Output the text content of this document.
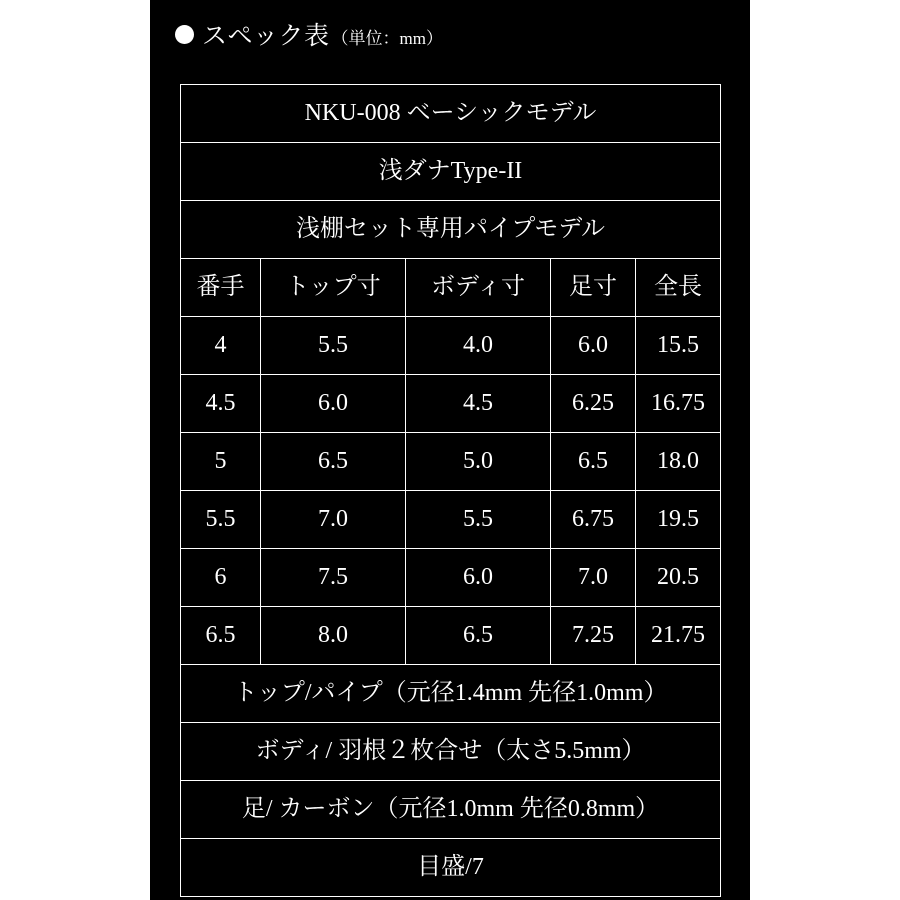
スペック表 （単位：mm）
NKU-008 ベーシックモデル				
浅ダナType-II				
浅棚セット専用パイプモデル				
番手	トップ寸	ボディ寸	足寸	全長
4	5.5	4.0	6.0	15.5
4.5	6.0	4.5	6.25	16.75
5	6.5	5.0	6.5	18.0
5.5	7.0	5.5	6.75	19.5
6	7.5	6.0	7.0	20.5
6.5	8.0	6.5	7.25	21.75
トップ/パイプ（元径1.4mm 先径1.0mm）				
ボディ/ 羽根２枚合せ（太さ5.5mm）				
足/ カーボン（元径1.0mm 先径0.8mm）				
目盛/7				
